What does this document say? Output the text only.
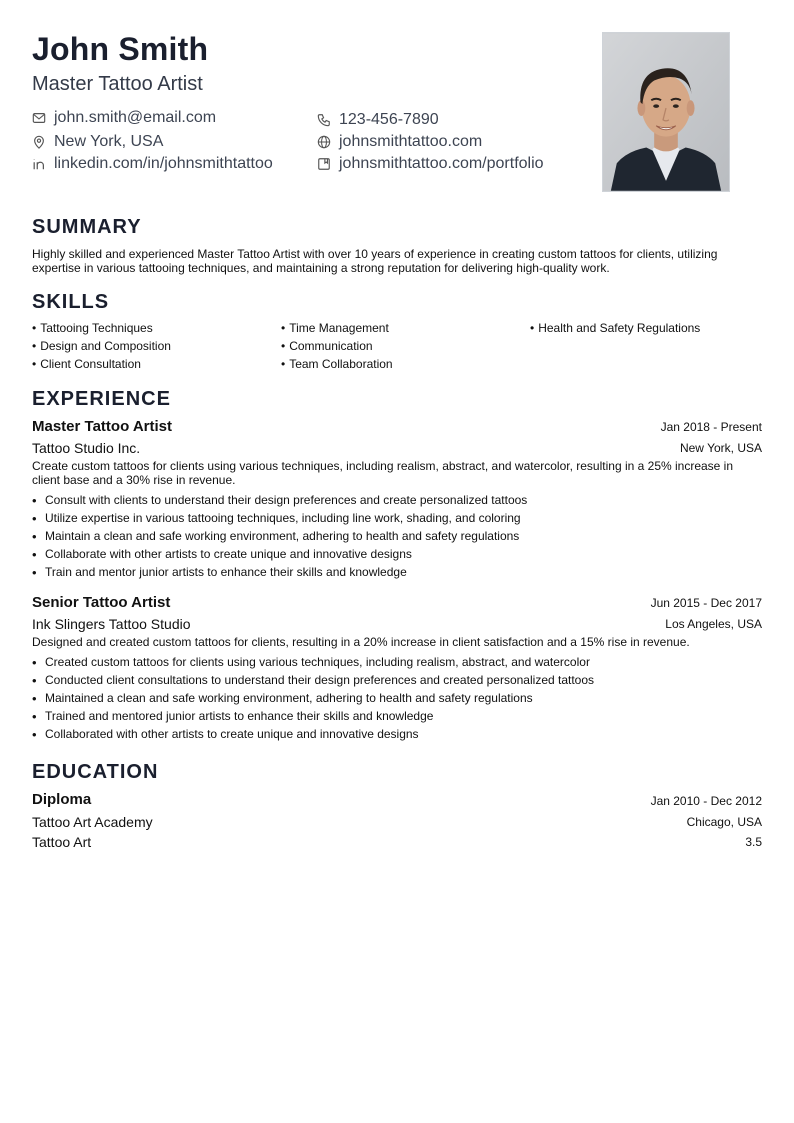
John Smith
Master Tattoo Artist
john.smith@email.com
New York, USA
linkedin.com/in/johnsmithtattoo
123-456-7890
johnsmithtattoo.com
johnsmithtattoo.com/portfolio
SUMMARY
Highly skilled and experienced Master Tattoo Artist with over 10 years of experience in creating custom tattoos for clients, utilizing expertise in various tattooing techniques, and maintaining a strong reputation for delivering high-quality work.
SKILLS
• Tattooing Techniques	• Time Management	• Health and Safety Regulations
• Design and Composition	• Communication
• Client Consultation	• Team Collaboration
EXPERIENCE
Master Tattoo Artist	Jan 2018 - Present
Tattoo Studio Inc.	New York, USA
Create custom tattoos for clients using various techniques, including realism, abstract, and watercolor, resulting in a 25% increase in client base and a 30% rise in revenue.
• Consult with clients to understand their design preferences and create personalized tattoos
• Utilize expertise in various tattooing techniques, including line work, shading, and coloring
• Maintain a clean and safe working environment, adhering to health and safety regulations
• Collaborate with other artists to create unique and innovative designs
• Train and mentor junior artists to enhance their skills and knowledge
Senior Tattoo Artist	Jun 2015 - Dec 2017
Ink Slingers Tattoo Studio	Los Angeles, USA
Designed and created custom tattoos for clients, resulting in a 20% increase in client satisfaction and a 15% rise in revenue.
• Created custom tattoos for clients using various techniques, including realism, abstract, and watercolor
• Conducted client consultations to understand their design preferences and created personalized tattoos
• Maintained a clean and safe working environment, adhering to health and safety regulations
• Trained and mentored junior artists to enhance their skills and knowledge
• Collaborated with other artists to create unique and innovative designs
EDUCATION
Diploma	Jan 2010 - Dec 2012
Tattoo Art Academy	Chicago, USA
Tattoo Art	3.5
